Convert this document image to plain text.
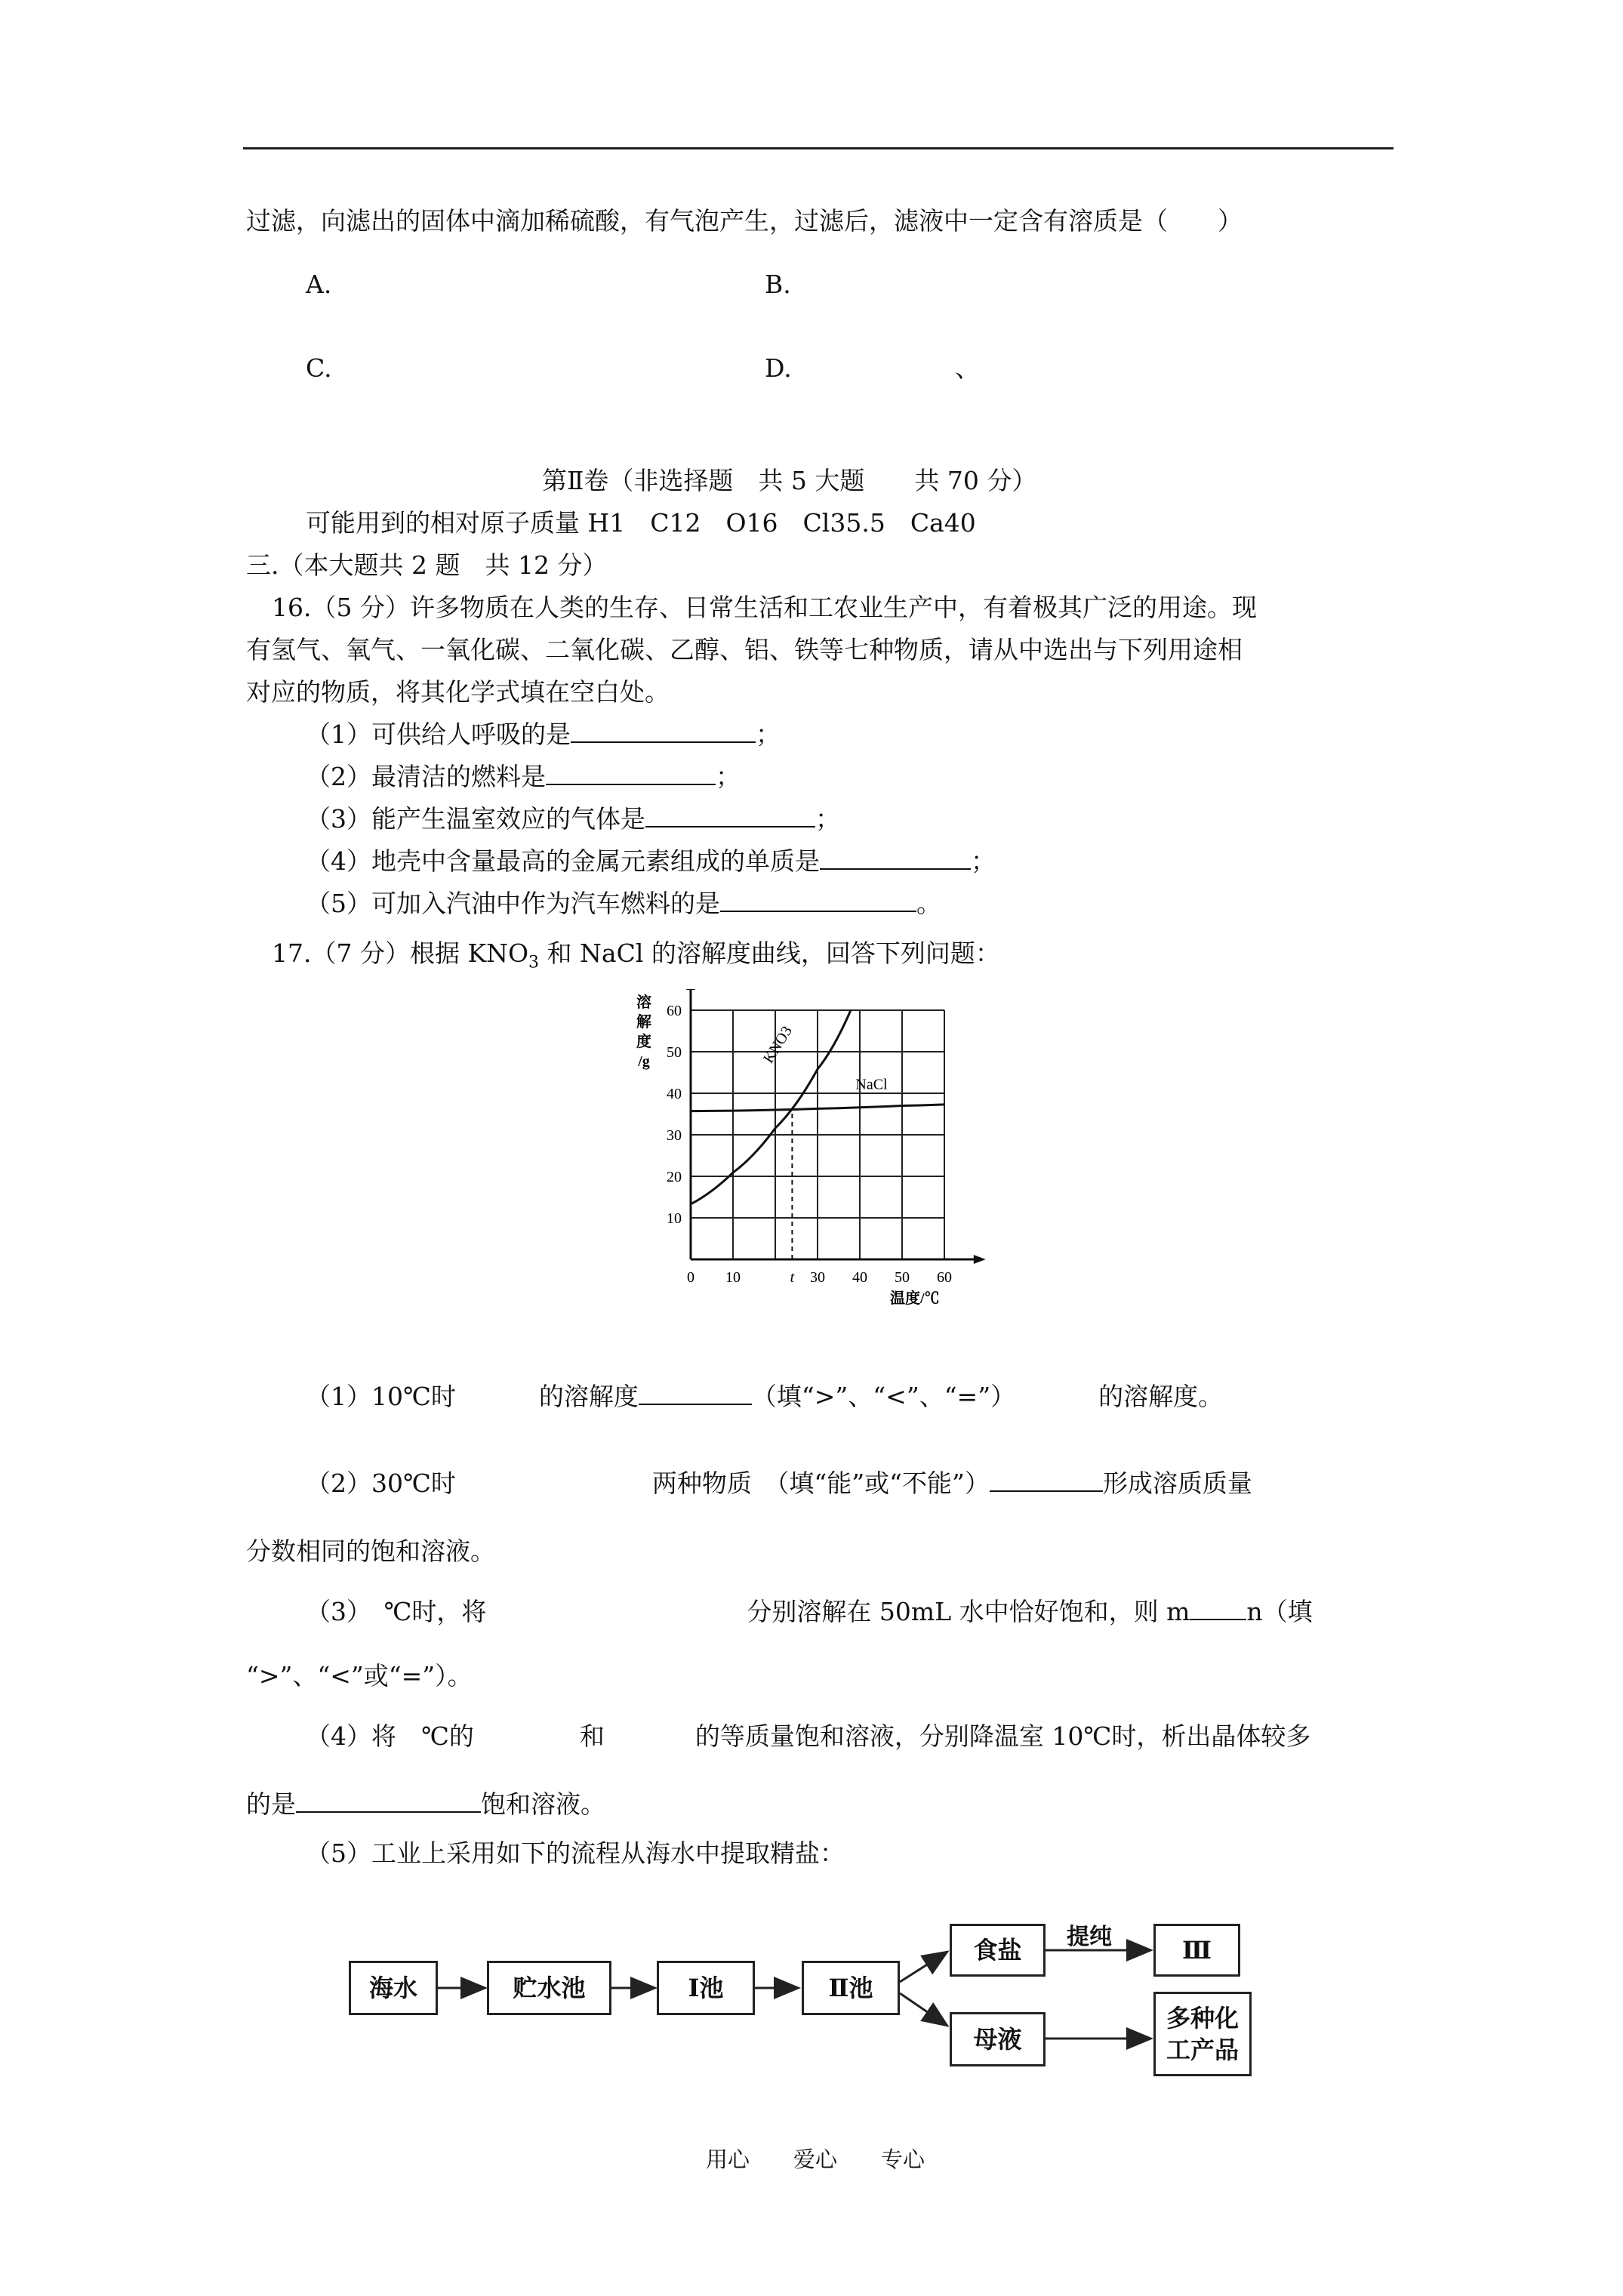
过滤，向滤出的固体中滴加稀硫酸，有气泡产生，过滤后，滤液中一定含有溶质是（　　）
A.	B.
C.	D.	、
第Ⅱ卷（非选择题　共 5 大题　　共 70 分）
可能用到的相对原子质量 H1　C12　O16　Cl35.5　Ca40
三.（本大题共 2 题　共 12 分）
16.（5 分）许多物质在人类的生存、日常生活和工农业生产中，有着极其广泛的用途。现
有氢气、氧气、一氧化碳、二氧化碳、乙醇、铝、铁等七种物质，请从中选出与下列用途相
对应的物质，将其化学式填在空白处。
（1）可供给人呼吸的是	；
（2）最清洁的燃料是	；
（3）能产生温室效应的气体是	；
（4）地壳中含量最高的金属元素组成的单质是	；
（5）可加入汽油中作为汽车燃料的是	。
17.（7 分）根据 $KNO_3$ 和 NaCl 的溶解度曲线，回答下列问题：
10
20
30
40
50
60
0 10	t 30 40 50 60
溶
解
度
/g
温度/℃
KNO3
NaCl
（1）10℃时	的溶解度	（填“>”、“<”、“=”）	的溶解度。
（2）30℃时	两种物质　（填“能”或“不能”）	形成溶质质量
分数相同的饱和溶液。
（3）　℃时，将	分别溶解在 50mL 水中恰好饱和，则 m n（填
“>”、“<”或“=”）。
（4）将　℃的	和	的等质量饱和溶液，分别降温室 10℃时，析出晶体较多
的是	饱和溶液。
（5）工业上采用如下的流程从海水中提取精盐：
海水	贮水池	Ⅰ池	Ⅱ池
食盐
母液
Ⅲ
多种化工产品
提纯
用心　　爱心　　专心
